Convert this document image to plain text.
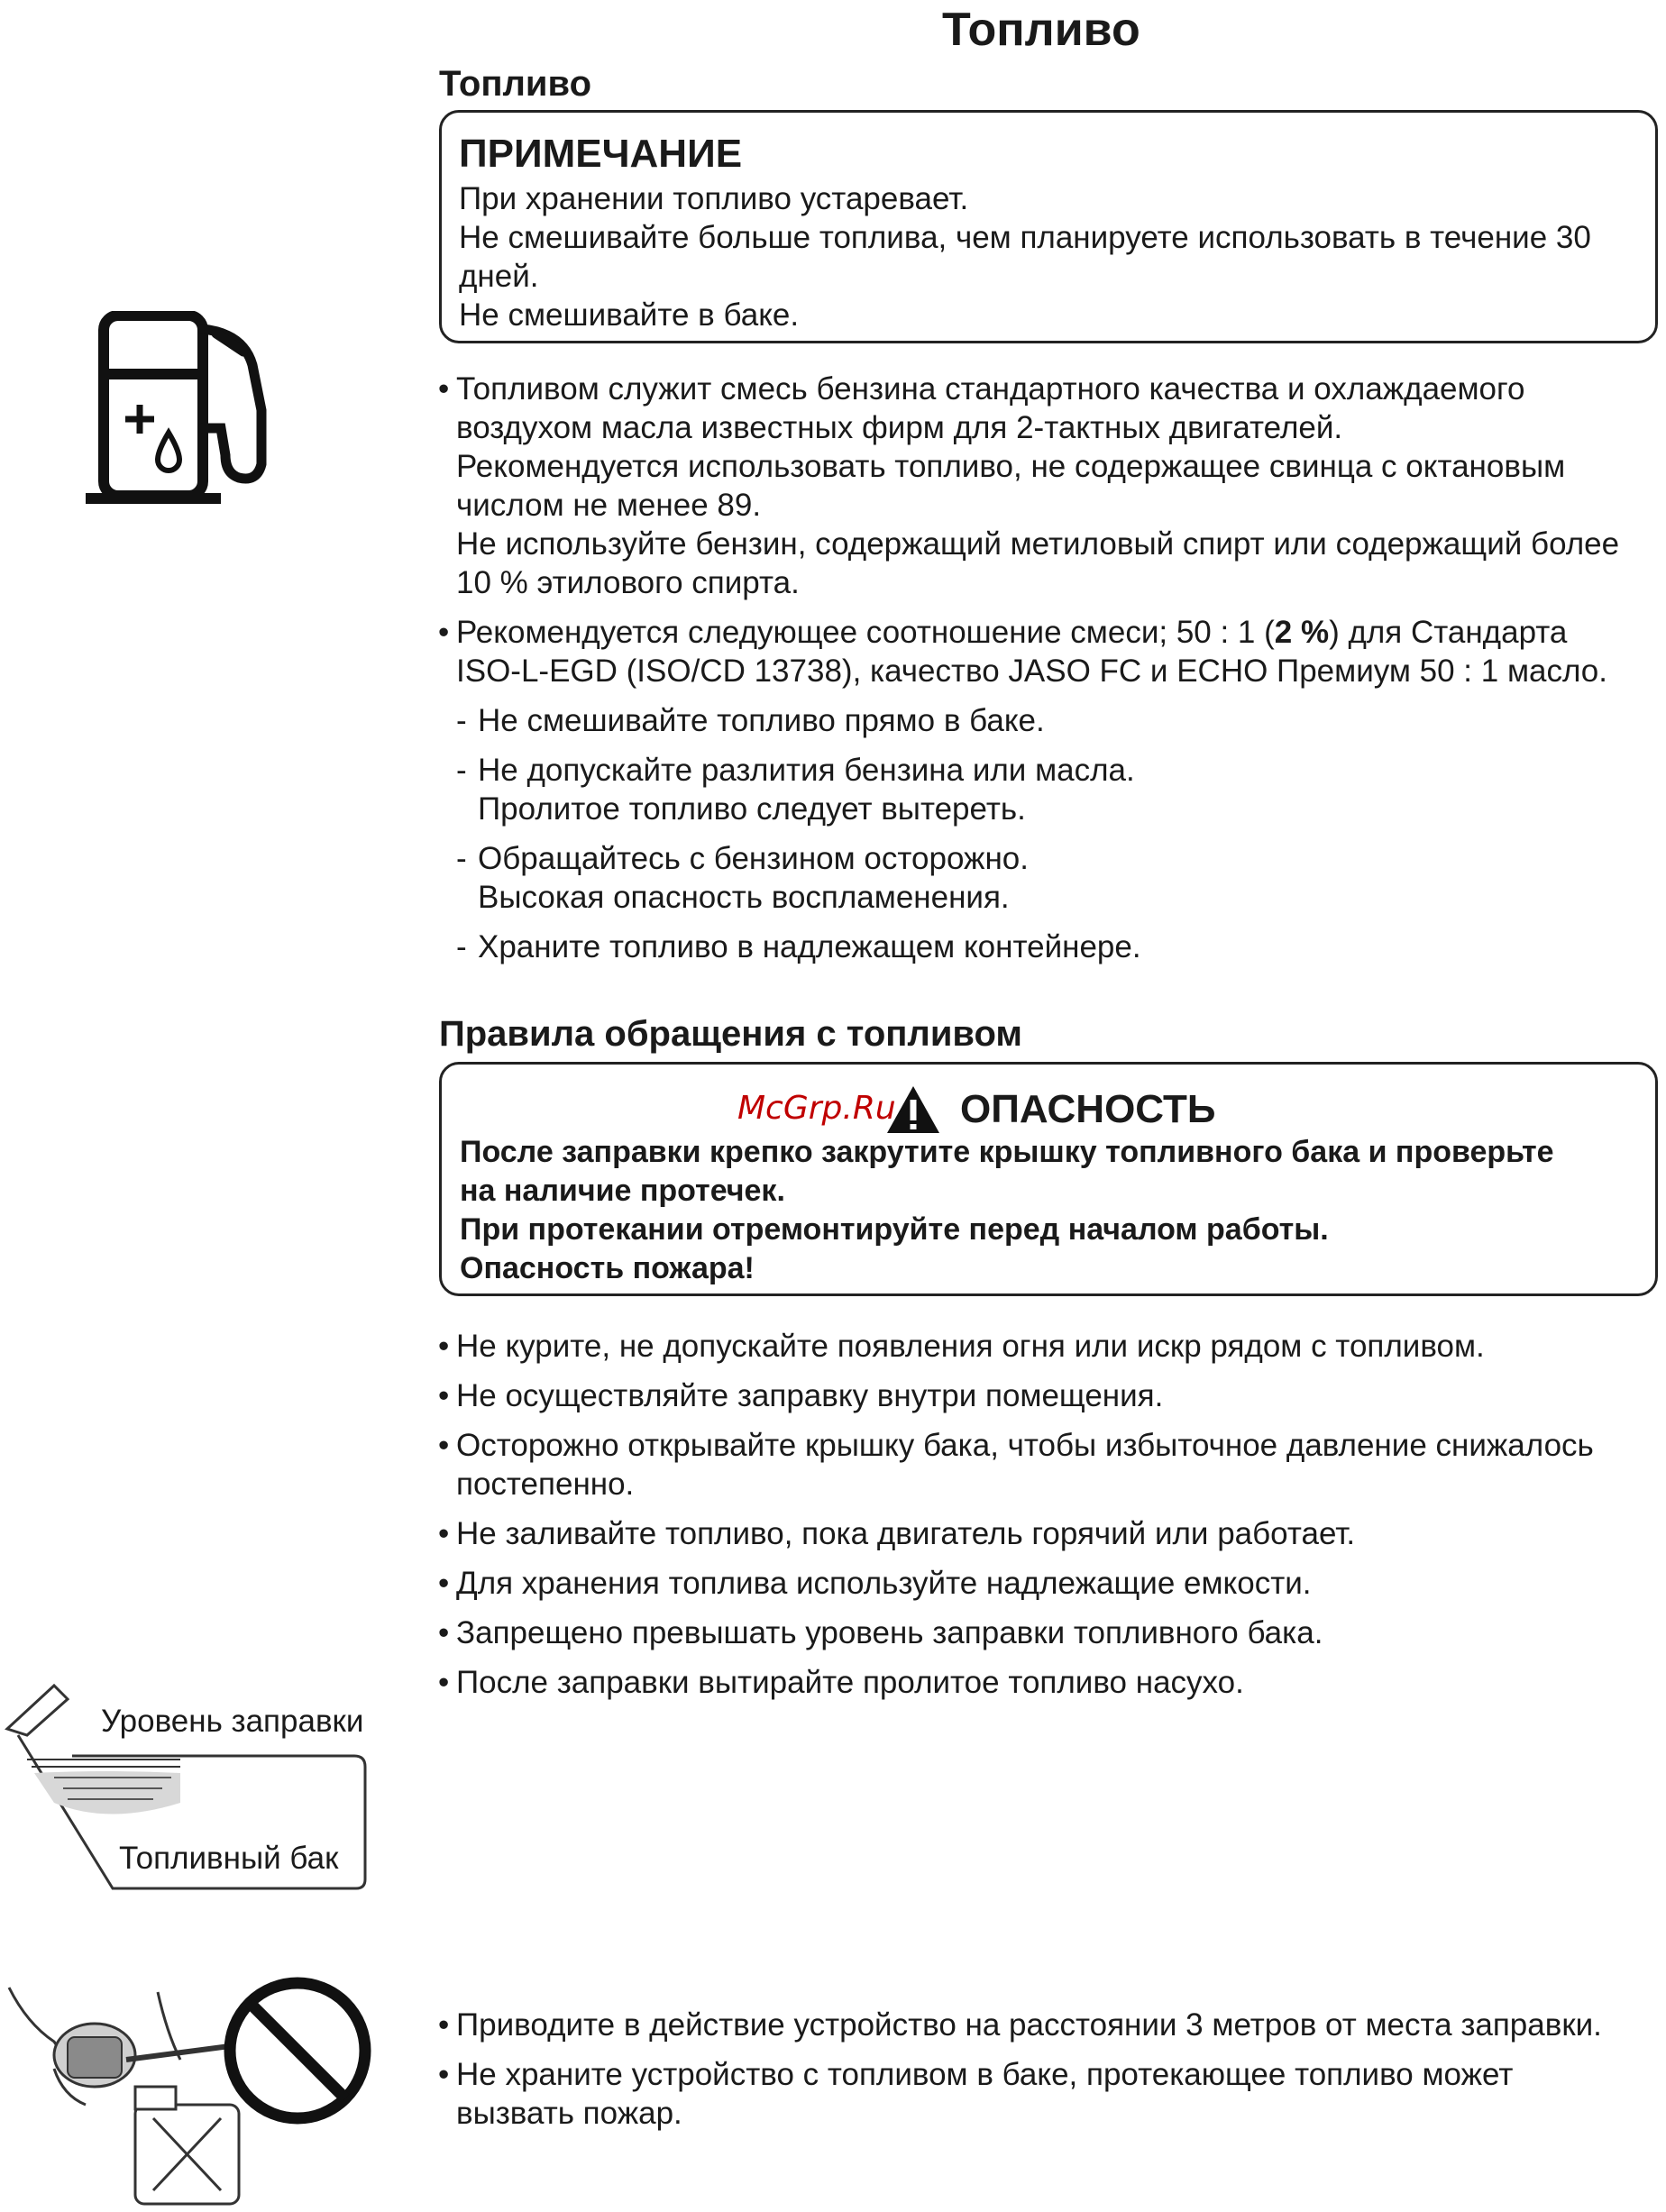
Топливо
Топливо

ПРИМЕЧАНИЕ

При хранении топливо устаревает.

Не смешивайте больше топлива, чем планируете использовать в течение 30

дней.

Не смешивайте в баке.

• Топливом служит смесь бензина стандартного качества и охлаждаемого
воздухом масла известных фирм для 2-тактных двигателей.
Рекомендуется использовать топливо, не содержащее свинца с октановым
числом не менее 89.
Не используйте бензин, содержащий метиловый спирт или содержащий более
10 % этилового спирта.
• Рекомендуется следующее соотношение смеси; 50 : 1 (2 %) для Стандарта
ISO-L-EGD (ISO/CD 13738), качество JASO FC и ECHO Премиум 50 : 1 масло.
- Не смешивайте топливо прямо в баке.
- Не допускайте разлития бензина или масла.
Пролитое топливо следует вытереть.
- Обращайтесь с бензином осторожно.
Высокая опасность воспламенения.
- Храните топливо в надлежащем контейнере.
Правила обращения с топливом
McGrp.Ru ОПАСНОСТЬ

После заправки крепко закрутите крышку топливного бака и проверьте

на наличие протечек.

При протекании отремонтируйте перед началом работы.

Опасность пожара!

• Не курите, не допускайте появления огня или искр рядом с топливом.
• Не осуществляйте заправку внутри помещения.
• Осторожно открывайте крышку бака, чтобы избыточное давление снижалось
постепенно.
• Не заливайте топливо, пока двигатель горячий или работает.
• Для хранения топлива используйте надлежащие емкости.
• Запрещено превышать уровень заправки топливного бака.
• После заправки вытирайте пролитое топливо насухо.
Уровень заправки
Топливный бак
• Приводите в действие устройство на расстоянии 3 метров от места заправки.
• Не храните устройство с топливом в баке, протекающее топливо может
вызвать пожар.
